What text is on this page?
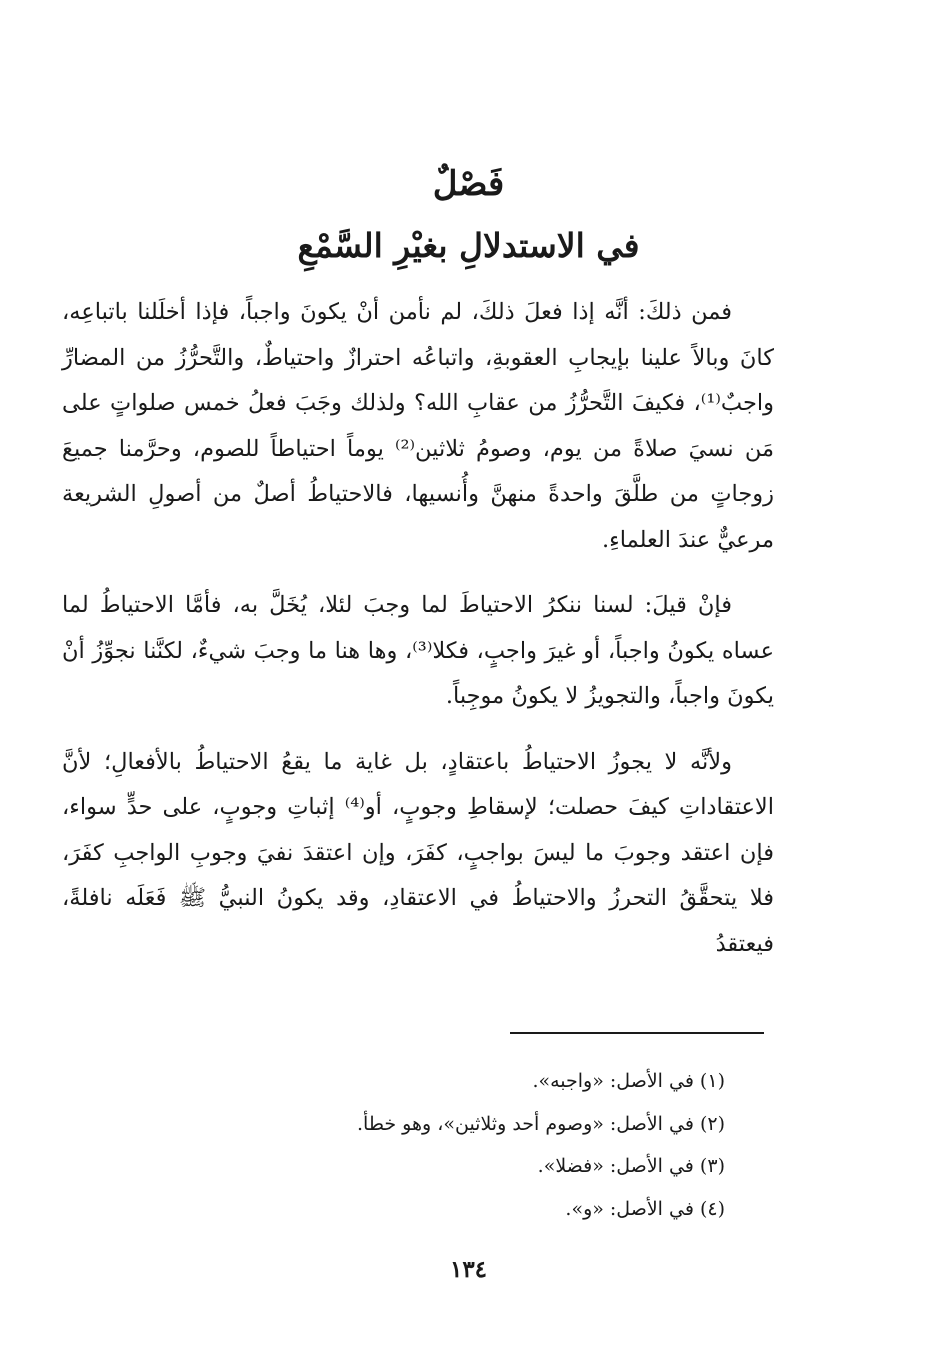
فَصْلٌ
في الاستدلالِ بغيْرِ السَّمْعِ

فمن ذلكَ: أنَّه إذا فعلَ ذلكَ، لم نأمن أنْ يكونَ واجباً، فإذا أخلَلنا باتباعِه، كانَ وبالاً علينا بإيجابِ العقوبةِ، واتباعُه احترازٌ واحتياطٌ، والتَّحرُّزُ من المضارِّ واجبٌ⁽¹⁾، فكيفَ التَّحرُّزُ من عقابِ الله؟ ولذلك وجَبَ فعلُ خمس صلواتٍ على مَن نسيَ صلاةً من يوم، وصومُ ثلاثين⁽²⁾ يوماً احتياطاً للصوم، وحرَّمنا جميعَ زوجاتٍ من طلَّقَ واحدةً منهنَّ وأُنسيها، فالاحتياطُ أصلٌ من أصولِ الشريعة مرعيٌّ عندَ العلماءِ.

فإنْ قيلَ: لسنا ننكرُ الاحتياطَ لما وجبَ لئلا، يُخَلَّ به، فأمَّا الاحتياطُ لما عساه يكونُ واجباً، أو غيرَ واجبٍ، فكلا⁽³⁾، وها هنا ما وجبَ شيءٌ، لكنَّنا نجوِّزُ أنْ يكونَ واجباً، والتجويزُ لا يكونُ موجِباً.

ولأنَّه لا يجوزُ الاحتياطُ باعتقادٍ، بل غاية ما يقعُ الاحتياطُ بالأفعالِ؛ لأنَّ الاعتقاداتِ كيفَ حصلت؛ لإسقاطِ وجوبٍ، أو⁽⁴⁾ إثباتِ وجوبٍ، على حدٍّ سواء، فإن اعتقد وجوبَ ما ليسَ بواجبٍ، كفَرَ، وإن اعتقدَ نفيَ وجوبِ الواجبِ كفَرَ، فلا يتحقَّقُ التحرزُ والاحتياطُ في الاعتقادِ، وقد يكونُ النبيُّ ﷺ فَعَلَه نافلةً، فيعتقدُ

(١) في الأصل: «واجبه».
(٢) في الأصل: «وصوم أحد وثلاثين»، وهو خطأ.
(٣) في الأصل: «فضلا».
(٤) في الأصل: «و».
١٣٤
